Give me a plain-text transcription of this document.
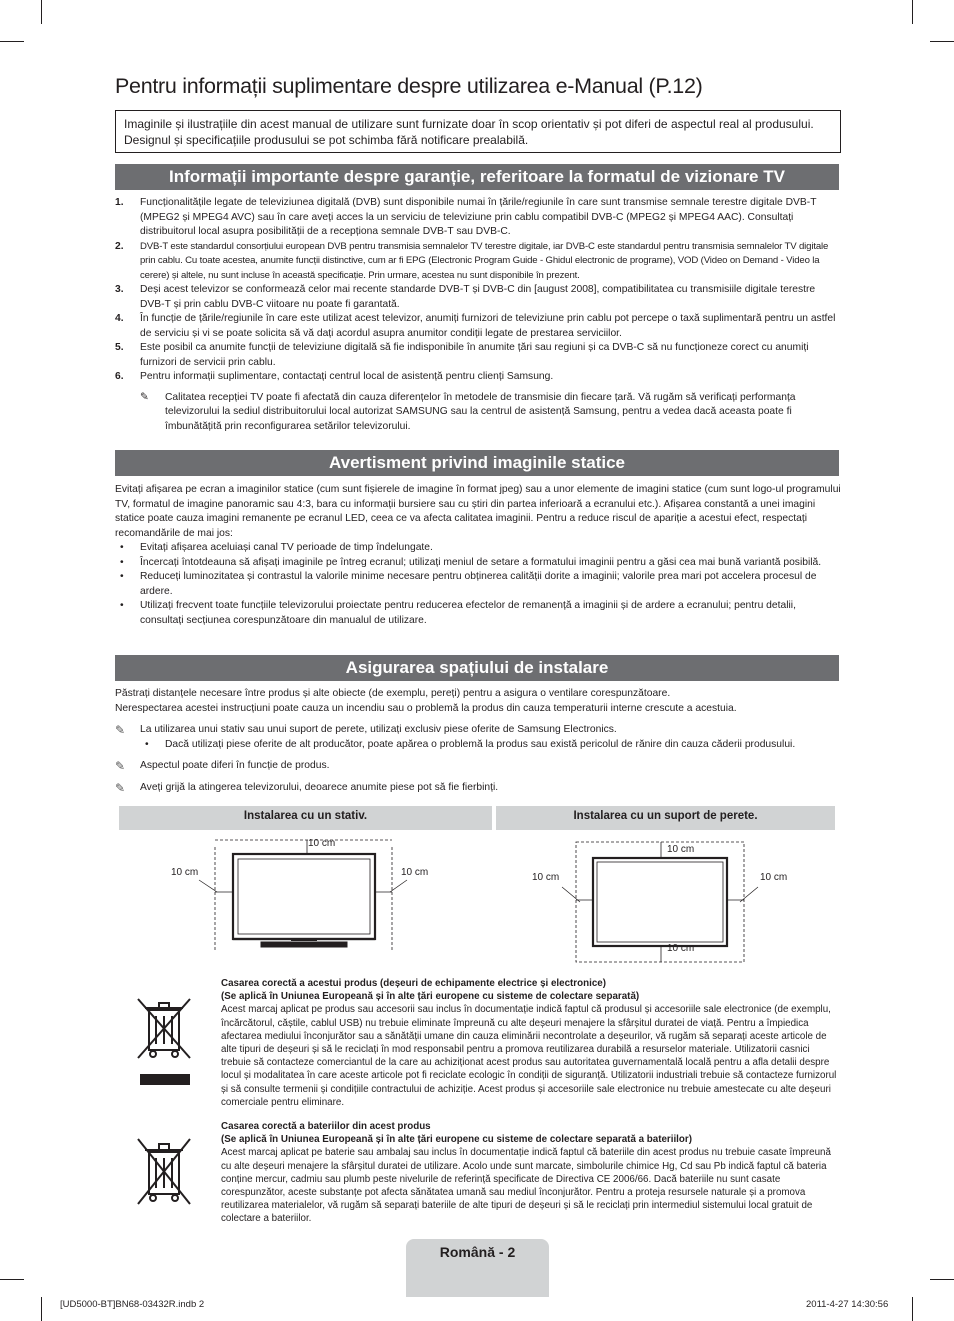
Pentru informații suplimentare despre utilizarea e-Manual (P.12)
Imaginile și ilustrațiile din acest manual de utilizare sunt furnizate doar în scop orientativ și pot diferi de aspectul real al produsului. Designul și specificațiile produsului se pot schimba fără notificare prealabilă.
Informații importante despre garanție, referitoare la formatul de vizionare TV
1. Funcționalitățile legate de televiziunea digitală (DVB) sunt disponibile numai în țările/regiunile în care sunt transmise semnale terestre digitale DVB-T (MPEG2 și MPEG4 AVC) sau în care aveți acces la un serviciu de televiziune prin cablu compatibil DVB-C (MPEG2 și MPEG4 AAC). Consultați distribuitorul local asupra posibilității de a recepționa semnale DVB-T sau DVB-C.
2. DVB-T este standardul consorțiului european DVB pentru transmisia semnalelor TV terestre digitale, iar DVB-C este standardul pentru transmisia semnalelor TV digitale prin cablu. Cu toate acestea, anumite funcții distinctive, cum ar fi EPG (Electronic Program Guide - Ghidul electronic de programe), VOD (Video on Demand - Video la cerere) și altele, nu sunt incluse în această specificație. Prin urmare, acestea nu sunt disponibile în prezent.
3. Deși acest televizor se conformează celor mai recente standarde DVB-T și DVB-C din [august 2008], compatibilitatea cu transmisiile digitale terestre DVB-T și prin cablu DVB-C viitoare nu poate fi garantată.
4. În funcție de țările/regiunile în care este utilizat acest televizor, anumiți furnizori de televiziune prin cablu pot percepe o taxă suplimentară pentru un astfel de serviciu și vi se poate solicita să vă dați acordul asupra anumitor condiții legate de prestarea serviciilor.
5. Este posibil ca anumite funcții de televiziune digitală să fie indisponibile în anumite țări sau regiuni și ca DVB-C să nu funcționeze corect cu anumiți furnizori de servicii prin cablu.
6. Pentru informații suplimentare, contactați centrul local de asistență pentru clienți Samsung.
✎ Calitatea recepției TV poate fi afectată din cauza diferențelor în metodele de transmisie din fiecare țară. Vă rugăm să verificați performanța televizorului la sediul distribuitorului local autorizat SAMSUNG sau la centrul de asistență Samsung, pentru a vedea dacă aceasta poate fi îmbunătățită prin reconfigurarea setărilor televizorului.
Avertisment privind imaginile statice
Evitați afișarea pe ecran a imaginilor statice (cum sunt fișierele de imagine în format jpeg) sau a unor elemente de imagini statice (cum sunt logo-ul programului TV, formatul de imagine panoramic sau 4:3, bara cu informații bursiere sau cu știri din partea inferioară a ecranului etc.). Afișarea constantă a unei imagini statice poate cauza imagini remanente pe ecranul LED, ceea ce va afecta calitatea imaginii. Pentru a reduce riscul de apariție a acestui efect, respectați recomandările de mai jos:
• Evitați afișarea aceluiași canal TV perioade de timp îndelungate.
• Încercați întotdeauna să afișați imaginile pe întreg ecranul; utilizați meniul de setare a formatului imaginii pentru a găsi cea mai bună variantă posibilă.
• Reduceți luminozitatea și contrastul la valorile minime necesare pentru obținerea calității dorite a imaginii; valorile prea mari pot accelera procesul de ardere.
• Utilizați frecvent toate funcțiile televizorului proiectate pentru reducerea efectelor de remanență a imaginii și de ardere a ecranului; pentru detalii, consultați secțiunea corespunzătoare din manualul de utilizare.
Asigurarea spațiului de instalare
Păstrați distanțele necesare între produs și alte obiecte (de exemplu, pereți) pentru a asigura o ventilare corespunzătoare.
Nerespectarea acestei instrucțiuni poate cauza un incendiu sau o problemă la produs din cauza temperaturii interne crescute a acestuia.
✎ La utilizarea unui stativ sau unui suport de perete, utilizați exclusiv piese oferite de Samsung Electronics.
• Dacă utilizați piese oferite de alt producător, poate apărea o problemă la produs sau există pericolul de rănire din cauza căderii produsului.
✎ Aspectul poate diferi în funcție de produs.
✎ Aveți grijă la atingerea televizorului, deoarece anumite piese pot să fie fierbinți.
Instalarea cu un stativ.	Instalarea cu un suport de perete.
10 cm
10 cm	10 cm
10 cm
10 cm	10 cm
10 cm
Casarea corectă a acestui produs (deșeuri de echipamente electrice și electronice)
(Se aplică în Uniunea Europeană și în alte țări europene cu sisteme de colectare separată)
Acest marcaj aplicat pe produs sau accesorii sau inclus în documentație indică faptul că produsul și accesoriile sale electronice (de exemplu, încărcătorul, căștile, cablul USB) nu trebuie eliminate împreună cu alte deșeuri menajere la sfârșitul duratei de viață. Pentru a împiedica afectarea mediului înconjurător sau a sănătății umane din cauza eliminării necontrolate a deșeurilor, vă rugăm să separați aceste articole de alte tipuri de deșeuri și să le reciclați în mod responsabil pentru a promova reutilizarea durabilă a resurselor materiale. Utilizatorii casnici trebuie să contacteze comerciantul de la care au achiziționat acest produs sau autoritatea guvernamentală locală pentru a afla detalii despre locul și modalitatea în care aceste articole pot fi reciclate ecologic în condiții de siguranță. Utilizatorii industriali trebuie să contacteze furnizorul și să consulte termenii și condițiile contractului de achiziție. Acest produs și accesoriile sale electronice nu trebuie amestecate cu alte deșeuri comerciale pentru eliminare.
Casarea corectă a bateriilor din acest produs
(Se aplică în Uniunea Europeană și în alte țări europene cu sisteme de colectare separată a bateriilor)
Acest marcaj aplicat pe baterie sau ambalaj sau inclus în documentație indică faptul că bateriile din acest produs nu trebuie casate împreună cu alte deșeuri menajere la sfârșitul duratei de utilizare. Acolo unde sunt marcate, simbolurile chimice Hg, Cd sau Pb indică faptul că bateria conține mercur, cadmiu sau plumb peste nivelurile de referință specificate de Directiva CE 2006/66. Dacă bateriile nu sunt casate corespunzător, aceste substanțe pot afecta sănătatea umană sau mediul înconjurător. Pentru a proteja resursele naturale și a promova reutilizarea materialelor, vă rugăm să separați bateriile de alte tipuri de deșeuri și să le reciclați prin intermediul sistemului local gratuit de colectare a bateriilor.
Română - 2
[UD5000-BT]BN68-03432R.indb 2	2011-4-27 14:30:56
